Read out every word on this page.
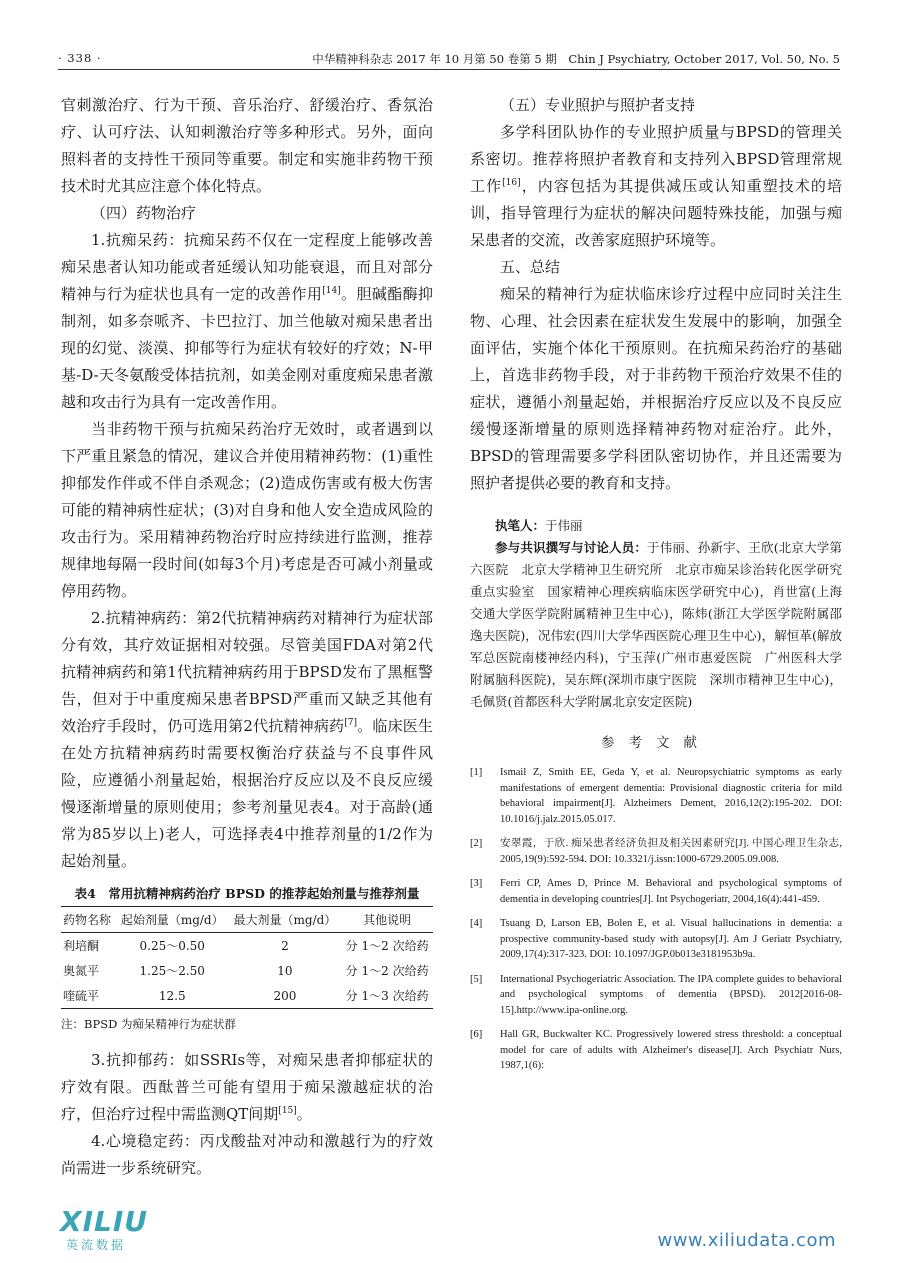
· 338 ·	中华精神科杂志 2017 年 10 月第 50 卷第 5 期　Chin J Psychiatry, October 2017, Vol. 50, No. 5

官刺激治疗、行为干预、音乐治疗、舒缓治疗、香氛治疗、认可疗法、认知刺激治疗等多种形式。另外，面向照料者的支持性干预同等重要。制定和实施非药物干预技术时尤其应注意个体化特点。

（四）药物治疗

1.抗痴呆药：抗痴呆药不仅在一定程度上能够改善痴呆患者认知功能或者延缓认知功能衰退，而且对部分精神与行为症状也具有一定的改善作用[14]。胆碱酯酶抑制剂，如多奈哌齐、卡巴拉汀、加兰他敏对痴呆患者出现的幻觉、淡漠、抑郁等行为症状有较好的疗效；N-甲基-D-天冬氨酸受体拮抗剂，如美金刚对重度痴呆患者激越和攻击行为具有一定改善作用。

当非药物干预与抗痴呆药治疗无效时，或者遇到以下严重且紧急的情况，建议合并使用精神药物：(1)重性抑郁发作伴或不伴自杀观念；(2)造成伤害或有极大伤害可能的精神病性症状；(3)对自身和他人安全造成风险的攻击行为。采用精神药物治疗时应持续进行监测，推荐规律地每隔一段时间(如每3个月)考虑是否可减小剂量或停用药物。

2.抗精神病药：第2代抗精神病药对精神行为症状部分有效，其疗效证据相对较强。尽管美国FDA对第2代抗精神病药和第1代抗精神病药用于BPSD发布了黑框警告，但对于中重度痴呆患者BPSD严重而又缺乏其他有效治疗手段时，仍可选用第2代抗精神病药[7]。临床医生在处方抗精神病药时需要权衡治疗获益与不良事件风险，应遵循小剂量起始，根据治疗反应以及不良反应缓慢逐渐增量的原则使用；参考剂量见表4。对于高龄(通常为85岁以上)老人，可选择表4中推荐剂量的1/2作为起始剂量。

表4　常用抗精神病药治疗 BPSD 的推荐起始剂量与推荐剂量
药物名称	起始剂量（mg/d）	最大剂量（mg/d）	其他说明
利培酮	0.25～0.50	2	分 1～2 次给药
奥氮平	1.25～2.50	10	分 1～2 次给药
喹硫平	12.5	200	分 1～3 次给药
注：BPSD 为痴呆精神行为症状群

3.抗抑郁药：如SSRIs等，对痴呆患者抑郁症状的疗效有限。西酞普兰可能有望用于痴呆激越症状的治疗，但治疗过程中需监测QT间期[15]。

4.心境稳定药：丙戊酸盐对冲动和激越行为的疗效尚需进一步系统研究。

（五）专业照护与照护者支持

多学科团队协作的专业照护质量与BPSD的管理关系密切。推荐将照护者教育和支持列入BPSD管理常规工作[16]，内容包括为其提供减压或认知重塑技术的培训，指导管理行为症状的解决问题特殊技能，加强与痴呆患者的交流，改善家庭照护环境等。

五、总结

痴呆的精神行为症状临床诊疗过程中应同时关注生物、心理、社会因素在症状发生发展中的影响，加强全面评估，实施个体化干预原则。在抗痴呆药治疗的基础上，首选非药物手段，对于非药物干预治疗效果不佳的症状，遵循小剂量起始，并根据治疗反应以及不良反应缓慢逐渐增量的原则选择精神药物对症治疗。此外，BPSD的管理需要多学科团队密切协作，并且还需要为照护者提供必要的教育和支持。

执笔人：于伟丽
参与共识撰写与讨论人员：于伟丽、孙新宇、王欣(北京大学第六医院　北京大学精神卫生研究所　北京市痴呆诊治转化医学研究重点实验室　国家精神心理疾病临床医学研究中心)，肖世富(上海交通大学医学院附属精神卫生中心)，陈炜(浙江大学医学院附属邵逸夫医院)，况伟宏(四川大学华西医院心理卫生中心)，解恒革(解放军总医院南楼神经内科)，宁玉萍(广州市惠爱医院　广州医科大学附属脑科医院)，吴东辉(深圳市康宁医院　深圳市精神卫生中心)，毛佩贤(首都医科大学附属北京安定医院)
参考文献
[1] Ismail Z, Smith EE, Geda Y, et al. Neuropsychiatric symptoms as early manifestations of emergent dementia: Provisional diagnostic criteria for mild behavioral impairment[J]. Alzheimers Dement, 2016,12(2):195-202. DOI: 10.1016/j.jalz.2015.05.017.
[2] 安翠霞，于欣. 痴呆患者经济负担及相关因素研究[J]. 中国心理卫生杂志, 2005,19(9):592-594. DOI: 10.3321/j.issn:1000-6729.2005.09.008.
[3] Ferri CP, Ames D, Prince M. Behavioral and psychological symptoms of dementia in developing countries[J]. Int Psychogeriatr, 2004,16(4):441-459.
[4] Tsuang D, Larson EB, Bolen E, et al. Visual hallucinations in dementia: a prospective community-based study with autopsy[J]. Am J Geriatr Psychiatry, 2009,17(4):317-323. DOI: 10.1097/JGP.0b013e3181953b9a.
[5] International Psychogeriatric Association. The IPA complete guides to behavioral and psychological symptoms of dementia (BPSD). 2012[2016-08-15].http://www.ipa-online.org.
[6] Hall GR, Buckwalter KC. Progressively lowered stress threshold: a conceptual model for care of adults with Alzheimer's disease[J]. Arch Psychiatr Nurs, 1987,1(6):
XILIU
英流数据	www.xiliudata.com
